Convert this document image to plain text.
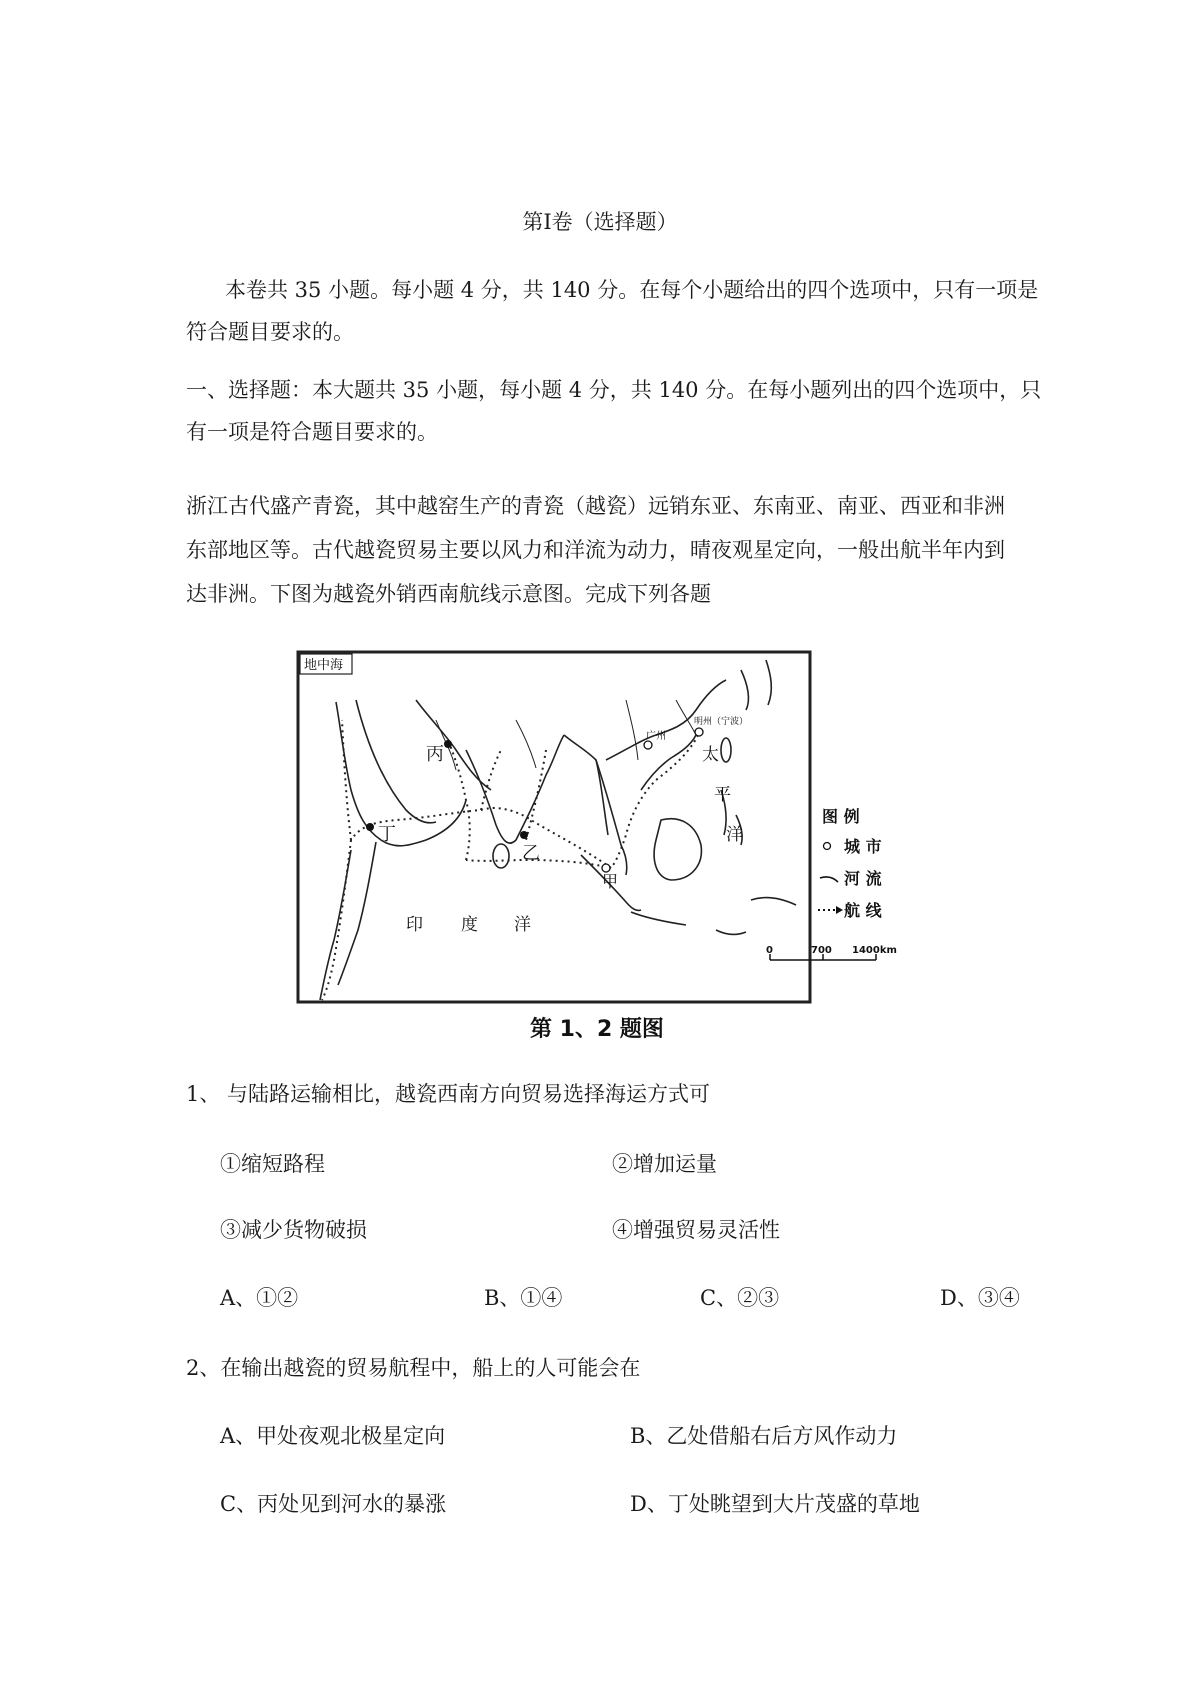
第Ⅰ卷（选择题）
本卷共 35 小题。每小题 4 分，共 140 分。在每个小题给出的四个选项中，只有一项是
符合题目要求的。
一、选择题：本大题共 35 小题，每小题 4 分，共 140 分。在每小题列出的四个选项中，只
有一项是符合题目要求的。
浙江古代盛产青瓷，其中越窑生产的青瓷（越瓷）远销东亚、东南亚、南亚、西亚和非洲
东部地区等。古代越瓷贸易主要以风力和洋流为动力，晴夜观星定向，一般出航半年内到
达非洲。下图为越瓷外销西南航线示意图。完成下列各题
地中海
丙
丁
乙
甲
广州
明州（宁波）
太
平
洋
印 度 洋
图 例
城 市
河 流
航 线
0	700 1400km
第 1、2 题图
1、 与陆路运输相比，越瓷西南方向贸易选择海运方式可
①缩短路程	②增加运量
③减少货物破损	④增强贸易灵活性
A、①②	B、①④	C、②③	D、③④
2、在输出越瓷的贸易航程中，船上的人可能会在
A、甲处夜观北极星定向	B、乙处借船右后方风作动力
C、丙处见到河水的暴涨	D、丁处眺望到大片茂盛的草地
